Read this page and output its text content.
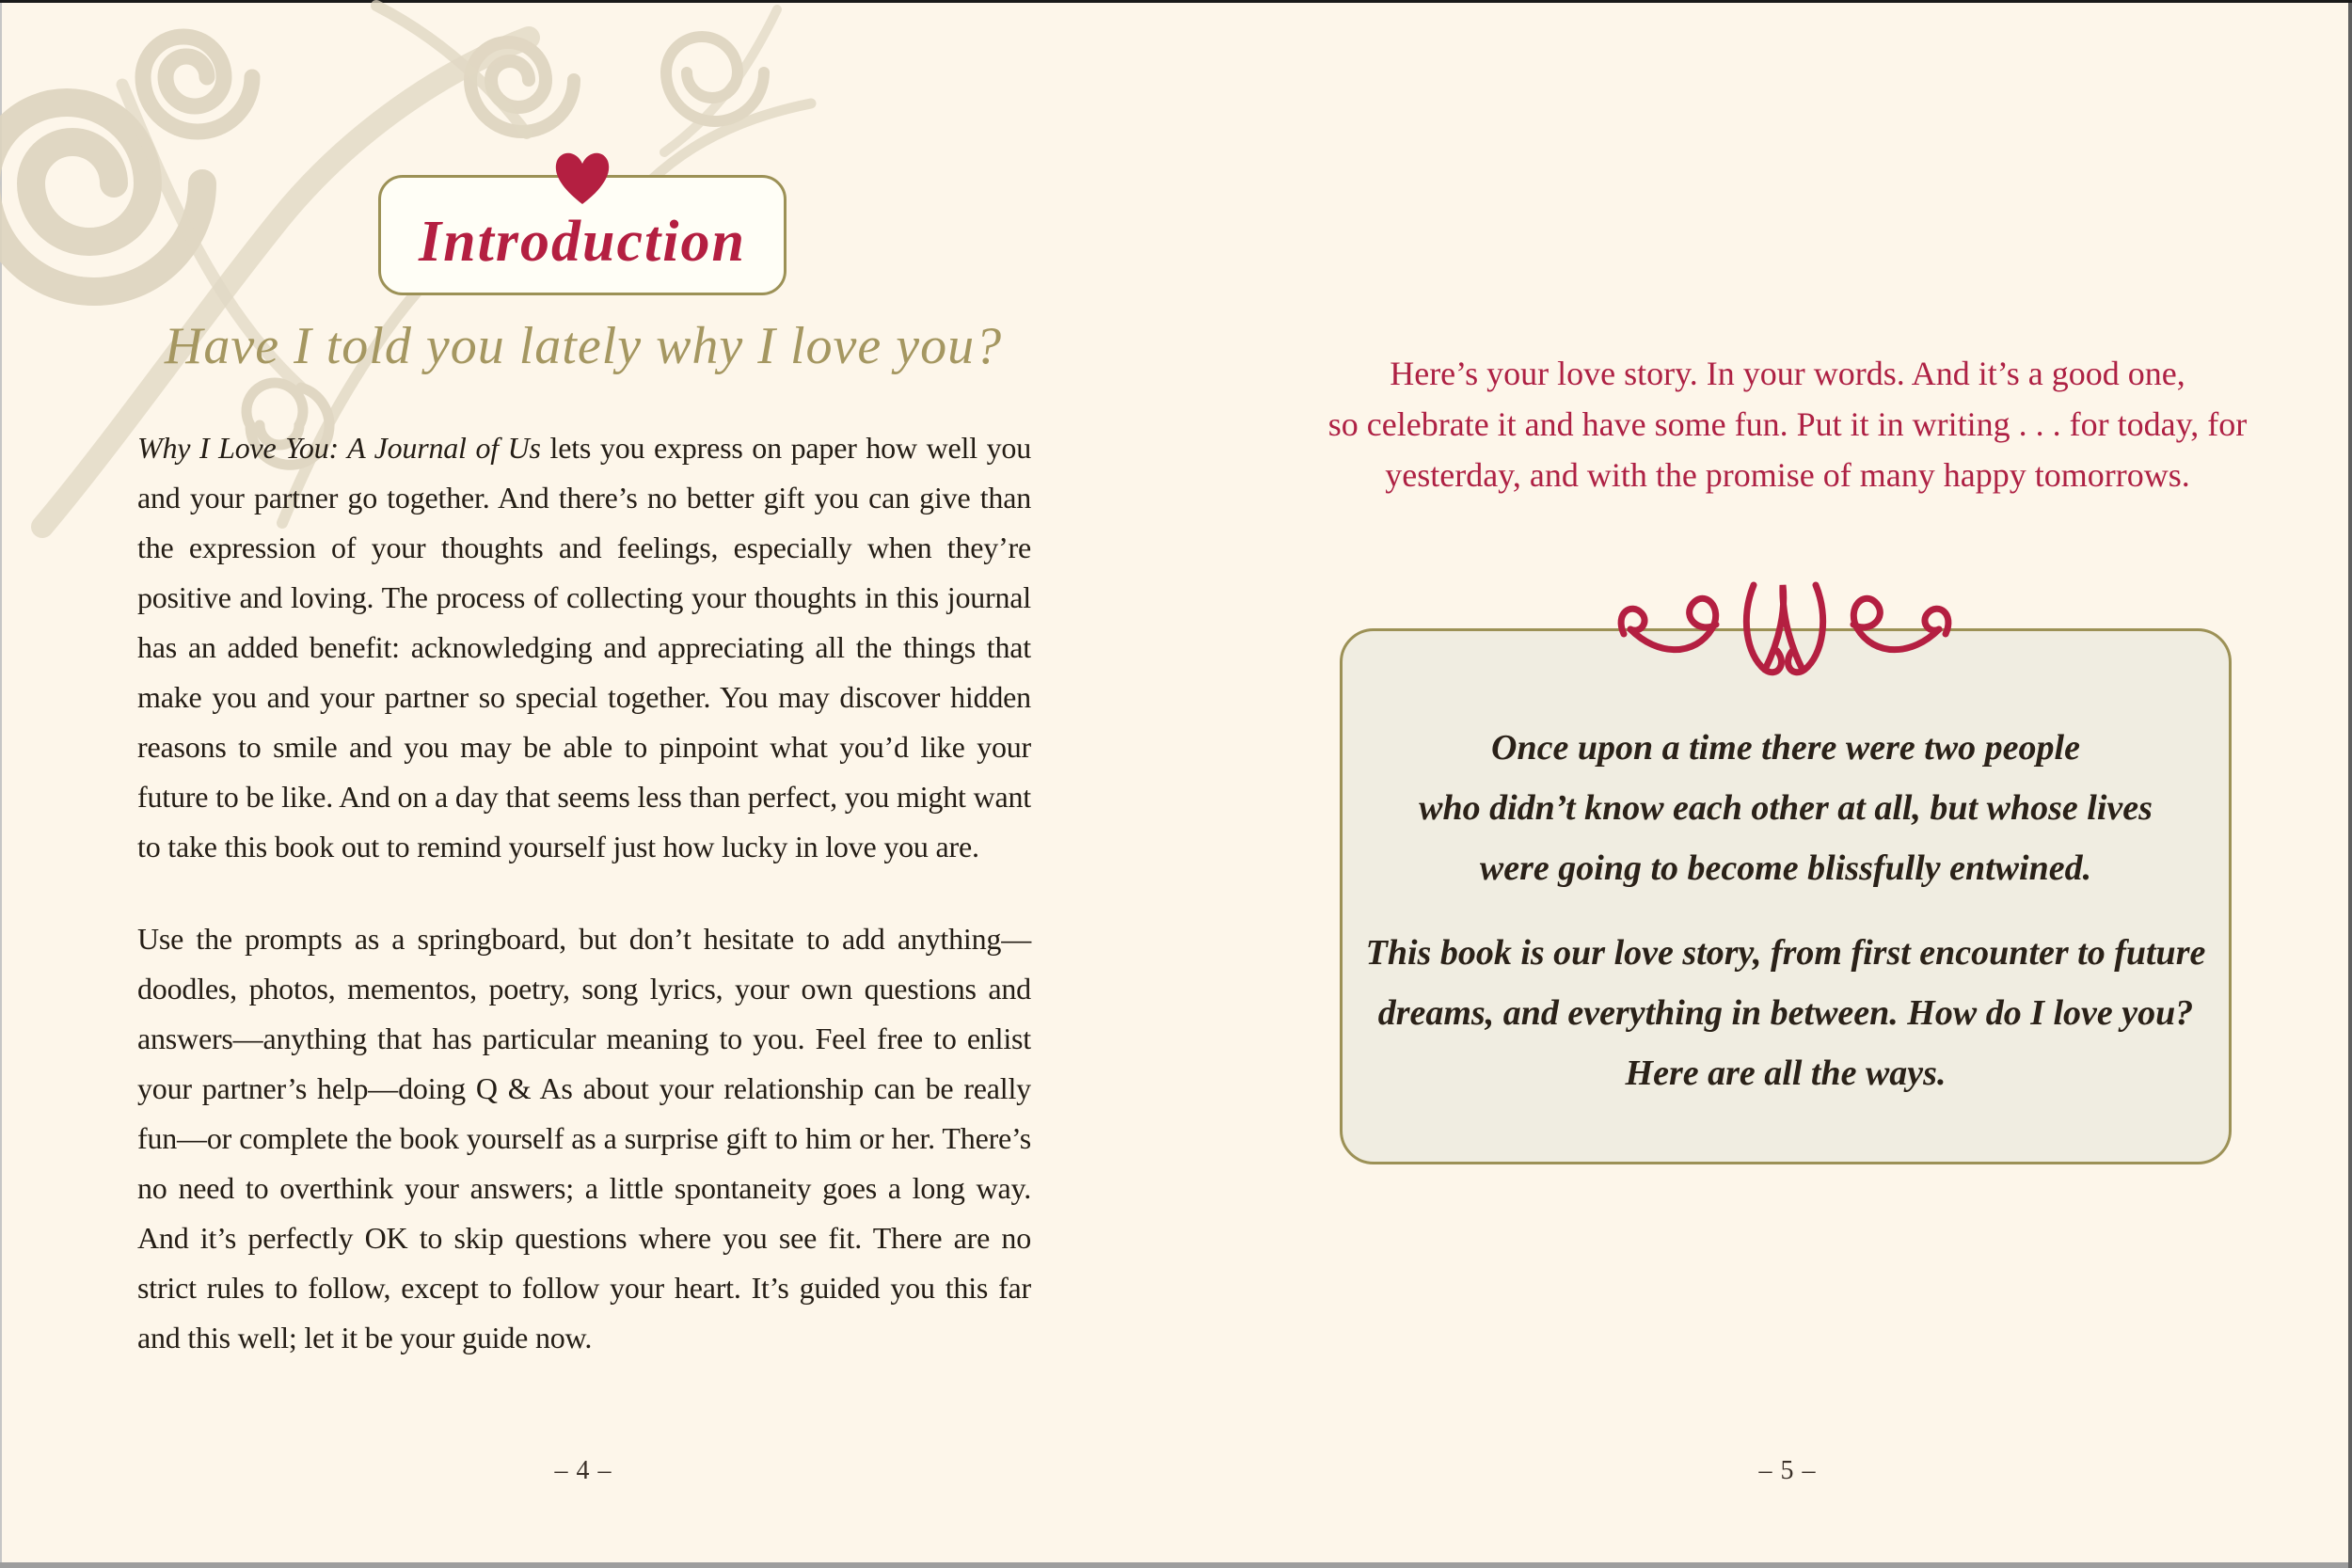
Introduction
Have I told you lately why I love you?

Why I Love You: A Journal of Us lets you express on paper how well you and your partner go together. And there’s no better gift you can give than the expression of your thoughts and feelings, especially when they’re positive and loving. The process of collecting your thoughts in this journal has an added benefit: acknowledging and appreciating all the things that make you and your partner so special together. You may discover hidden reasons to smile and you may be able to pinpoint what you’d like your future to be like. And on a day that seems less than perfect, you might want to take this book out to remind yourself just how lucky in love you are.

Use the prompts as a springboard, but don’t hesitate to add anything—doodles, photos, mementos, poetry, song lyrics, your own questions and answers—anything that has particular meaning to you. Feel free to enlist your partner’s help—doing Q & As about your relationship can be really fun—or complete the book yourself as a surprise gift to him or her. There’s no need to overthink your answers; a little spontaneity goes a long way. And it’s perfectly OK to skip questions where you see fit. There are no strict rules to follow, except to follow your heart. It’s guided you this far and this well; let it be your guide now.

– 4 –
Here’s your love story. In your words. And it’s a good one,
so celebrate it and have some fun. Put it in writing . . . for today, for
yesterday, and with the promise of many happy tomorrows.
Once upon a time there were two people
who didn’t know each other at all, but whose lives
were going to become blissfully entwined.
This book is our love story, from first encounter to future
dreams, and everything in between. How do I love you?
Here are all the ways.
– 5 –
